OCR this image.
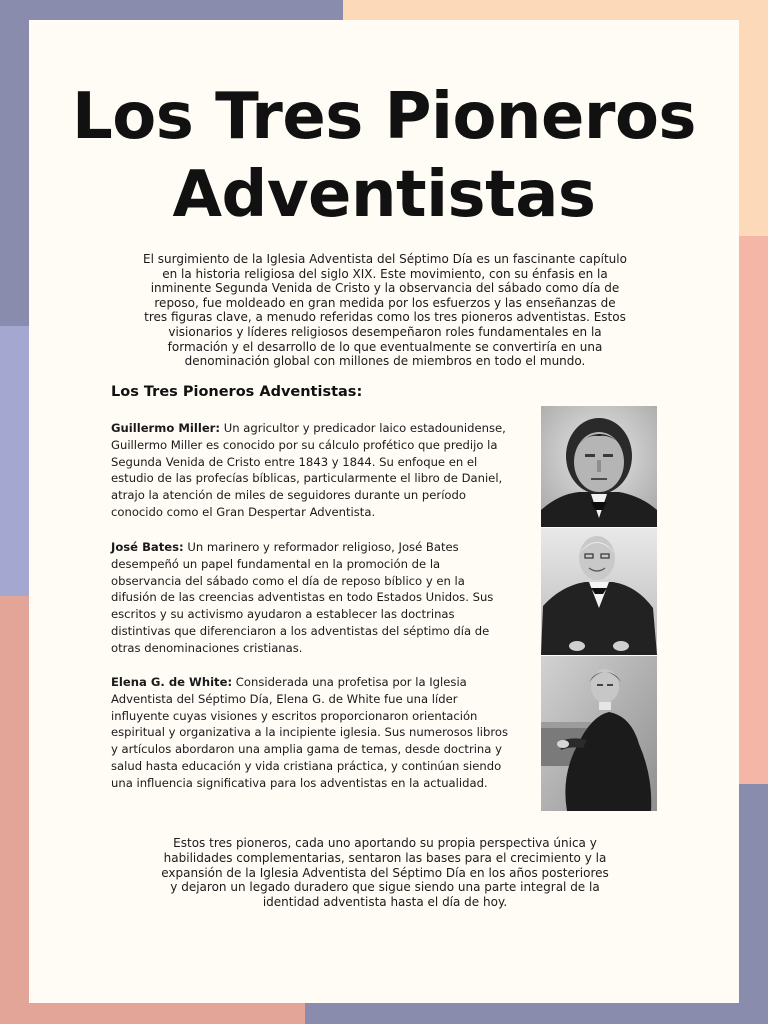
Los Tres Pioneros
Adventistas

El surgimiento de la Iglesia Adventista del Séptimo Día es un fascinante capítulo en la historia religiosa del siglo XIX. Este movimiento, con su énfasis en la inminente Segunda Venida de Cristo y la observancia del sábado como día de reposo, fue moldeado en gran medida por los esfuerzos y las enseñanzas de tres figuras clave, a menudo referidas como los tres pioneros adventistas. Estos visionarios y líderes religiosos desempeñaron roles fundamentales en la formación y el desarrollo de lo que eventualmente se convertiría en una denominación global con millones de miembros en todo el mundo.

Los Tres Pioneros Adventistas:

Guillermo Miller: Un agricultor y predicador laico estadounidense, Guillermo Miller es conocido por su cálculo profético que predijo la Segunda Venida de Cristo entre 1843 y 1844. Su enfoque en el estudio de las profecías bíblicas, particularmente el libro de Daniel, atrajo la atención de miles de seguidores durante un período conocido como el Gran Despertar Adventista.

José Bates: Un marinero y reformador religioso, José Bates desempeñó un papel fundamental en la promoción de la observancia del sábado como el día de reposo bíblico y en la difusión de las creencias adventistas en todo Estados Unidos. Sus escritos y su activismo ayudaron a establecer las doctrinas distintivas que diferenciaron a los adventistas del séptimo día de otras denominaciones cristianas.

Elena G. de White: Considerada una profetisa por la Iglesia Adventista del Séptimo Día, Elena G. de White fue una líder influyente cuyas visiones y escritos proporcionaron orientación espiritual y organizativa a la incipiente iglesia. Sus numerosos libros y artículos abordaron una amplia gama de temas, desde doctrina y salud hasta educación y vida cristiana práctica, y continúan siendo una influencia significativa para los adventistas en la actualidad.

Estos tres pioneros, cada uno aportando su propia perspectiva única y habilidades complementarias, sentaron las bases para el crecimiento y la expansión de la Iglesia Adventista del Séptimo Día en los años posteriores y dejaron un legado duradero que sigue siendo una parte integral de la identidad adventista hasta el día de hoy.
